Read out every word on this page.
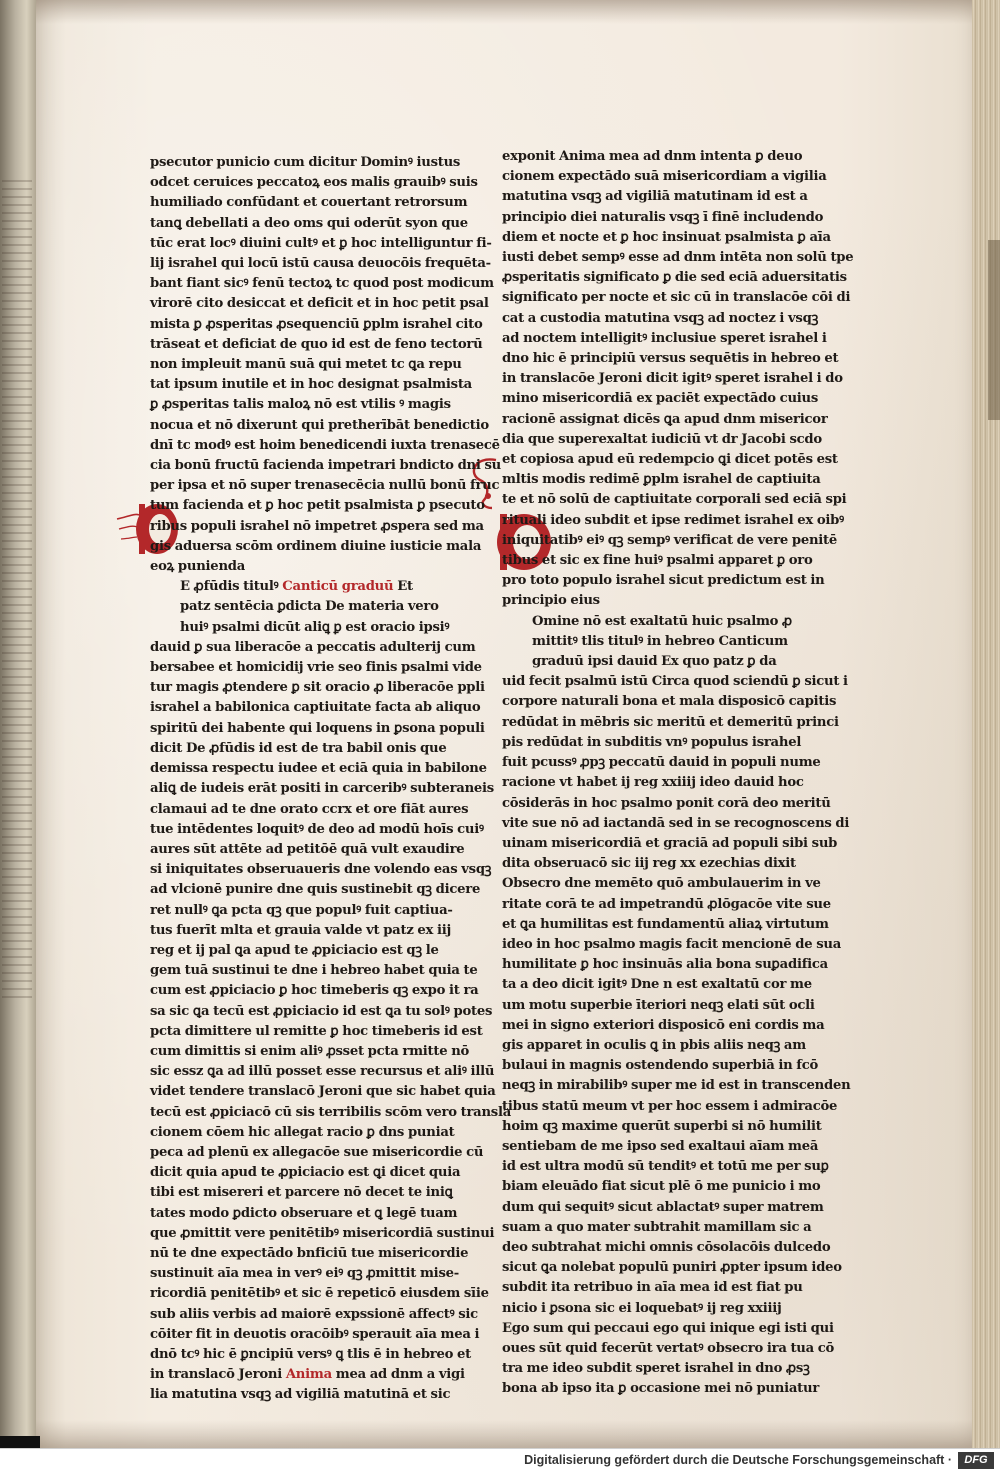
psecutor punicio cum dicitur Dominꝰ iustus
odcet ceruices peccatoꝝ eos malis grauibꝰ suis
humiliado confūdant et couertant retrorsum
tanꝗ debellati a deo oms qui oderūt syon que
tūc erat locꝰ diuini cultꝰ et ꝑ hoc intelliguntur fi-
lij israhel qui locū istū causa deuocōis frequēta-
bant fiant sicꝰ fenū tectoꝝ tc quod post modicum
virorē cito desiccat et deficit et in hoc petit psal
mista ꝑ ꝓsperitas ꝓsequenciū ꝑplm israhel cito
trāseat et deficiat de quo id est de feno tectorū
non impleuit manū suā qui metet tc ꝗa repu
tat ipsum inutile et in hoc designat psalmista
ꝑ ꝓsperitas talis maloꝝ nō est vtilis ꝰ magis
nocua et nō dixerunt qui pretherībāt benedictio
dnī tc modꝰ est hoim benedicendi iuxta trenasecē
cia bonū fructū facienda impetrari bndicto dni su
per ipsa et nō super trenasecēcia nullū bonū fruc
tum facienda et ꝑ hoc petit psalmista ꝑ psecuto
ribus populi israhel nō impetret ꝓspera sed ma
gis aduersa scōm ordinem diuine iusticie mala
eoꝝ punienda
E ꝓfūdis titulꝰ Canticū graduū Et
patz sentēcia ꝑdicta De materia vero
huiꝰ psalmi dicūt aliꝗ ꝑ est oracio ipsiꝰ
dauid ꝑ sua liberacōe a peccatis adulterij cum
bersabee et homicidij vrie seo finis psalmi vide
tur magis ꝓtendere ꝑ sit oracio ꝓ liberacōe ppli
israhel a babilonica captiuitate facta ab aliquo
spiritū dei habente qui loquens in ꝑsona populi
dicit De ꝓfūdis id est de tra babil onis que
demissa respectu iudee et eciā quia in babilone
aliꝗ de iudeis erāt positi in carceribꝰ subteraneis
clamaui ad te dne orato ccrx et ore fiāt aures
tue intēdentes loquitꝰ de deo ad modū hoīs cuiꝰ
aures sūt attēte ad petitōē quā vult exaudire
si iniquitates obseruaueris dne volendo eas vsqꝫ
ad vlcionē punire dne quis sustinebit qꝫ dicere
ret nullꝰ ꝗa pcta qꝫ que populꝰ fuit captiua-
tus fuerīt mlta et grauia valde vt patz ex iij
reg et ij pal ꝗa apud te ꝓpiciacio est qꝫ le
gem tuā sustinui te dne i hebreo habet quia te
cum est ꝓpiciacio ꝑ hoc timeberis qꝫ expo it ra
sa sic ꝗa tecū est ꝓpiciacio id est ꝗa tu solꝰ potes
pcta dimittere ul remitte ꝑ hoc timeberis id est
cum dimittis si enim aliꝰ ꝓsset pcta rmitte nō
sic essz ꝗa ad illū posset esse recursus et aliꝰ illū
videt tendere translacō Jeroni que sic habet quia
tecū est ꝓpiciacō cū sis terribilis scōm vero transla
cionem cōem hic allegat racio ꝑ dns puniat
peca ad plenū ex allegacōe sue misericordie cū
dicit quia apud te ꝓpiciacio est ꝗi dicet quia
tibi est misereri et parcere nō decet te iniꝗ
tates modo ꝑdicto obseruare et ꝗ legē tuam
que ꝓmittit vere penitētibꝰ misericordiā sustinui
nū te dne expectādo bnficiū tue misericordie
sustinuit aīa mea in verꝰ eiꝰ qꝫ ꝓmittit mise-
ricordiā penitētibꝰ et sic ē repeticō eiusdem sīie
sub aliis verbis ad maiorē expssionē affectꝰ sic
cōiter fit in deuotis oracōibꝰ sperauit aīa mea i
dnō tcꝰ hic ē ꝑncipiū versꝰ ꝗ tlis ē in hebreo et
in translacō Jeroni Anima mea ad dnm a vigi
lia matutina vsqꝫ ad vigiliā matutinā et sic
exponit Anima mea ad dnm intenta ꝑ deuo
cionem expectādo suā misericordiam a vigilia
matutina vsqꝫ ad vigiliā matutinam id est a
principio diei naturalis vsqꝫ ī finē includendo
diem et nocte et ꝑ hoc insinuat psalmista ꝑ aīa
iusti debet sempꝰ esse ad dnm intēta non solū tpe
ꝓsperitatis significato ꝑ die sed eciā aduersitatis
significato per nocte et sic cū in translacōe cōi di
cat a custodia matutina vsqꝫ ad noctez i vsqꝫ
ad noctem intelligitꝰ inclusiue speret israhel i
dno hic ē principiū versus sequētis in hebreo et
in translacōe Jeroni dicit igitꝰ speret israhel i do
mino misericordiā ex paciēt expectādo cuius
racionē assignat dicēs ꝗa apud dnm misericor
dia que superexaltat iudiciū vt dr Jacobi scdo
et copiosa apud eū redempcio ꝗi dicet potēs est
mltis modis redimē ꝑplm israhel de captiuita
te et nō solū de captiuitate corporali sed eciā spi
rituali ideo subdit et ipse redimet israhel ex oibꝰ
iniquitatibꝰ eiꝰ qꝫ sempꝰ verificat de vere penitē
tibus et sic ex fine huiꝰ psalmi apparet ꝑ oro
pro toto populo israhel sicut predictum est in
principio eius
Omine nō est exaltatū huic psalmo ꝓ
mittitꝰ tlis titulꝰ in hebreo Canticum
graduū ipsi dauid Ex quo patz ꝑ da
uid fecit psalmū istū Circa quod sciendū ꝑ sicut i
corpore naturali bona et mala disposicō capitis
redūdat in mēbris sic meritū et demeritū princi
pis redūdat in subditis vnꝰ populus israhel
fuit pcussꝰ ꝓpꝫ peccatū dauid in populi nume
racione vt habet ij reg xxiiij ideo dauid hoc
cōsiderās in hoc psalmo ponit corā deo meritū
vite sue nō ad iactandā sed in se recognoscens di
uinam misericordiā et graciā ad populi sibi sub
dita obseruacō sic iij reg xx ezechias dixit
Obsecro dne memēto quō ambulauerim in ve
ritate corā te ad impetrandū ꝓlōgacōe vite sue
et ꝗa humilitas est fundamentū aliaꝝ virtutum
ideo in hoc psalmo magis facit mencionē de sua
humilitate ꝑ hoc insinuās alia bona suꝑadifica
ta a deo dicit igitꝰ Dne n est exaltatū cor me
um motu superbie īteriori neqꝫ elati sūt ocli
mei in signo exteriori disposicō eni cordis ma
gis apparet in oculis ꝗ in pbis aliis neqꝫ am
bulaui in magnis ostendendo superbiā in fcō
neqꝫ in mirabilibꝰ super me id est in transcenden
tibus statū meum vt per hoc essem i admiracōe
hoim qꝫ maxime querūt superbi si nō humilit
sentiebam de me ipso sed exaltaui aīam meā
id est ultra modū sū tenditꝰ et totū me per suꝑ
biam eleuādo fiat sicut plē ō me punicio i mo
dum qui sequitꝰ sicut ablactatꝰ super matrem
suam a quo mater subtrahit mamillam sic a
deo subtrahat michi omnis cōsolacōis dulcedo
sicut ꝗa nolebat populū puniri ꝓpter ipsum ideo
subdit ita retribuo in aīa mea id est fiat pu
nicio i ꝑsona sic ei loquebatꝰ ij reg xxiiij
Ego sum qui peccaui ego qui inique egi isti qui
oues sūt quid fecerūt vertatꝰ obsecro ira tua cō
tra me ideo subdit speret israhel in dno ꝓsꝫ
bona ab ipso ita ꝑ occasione mei nō puniatur
Digitalisierung gefördert durch die Deutsche Forschungsgemeinschaft ·	DFG
